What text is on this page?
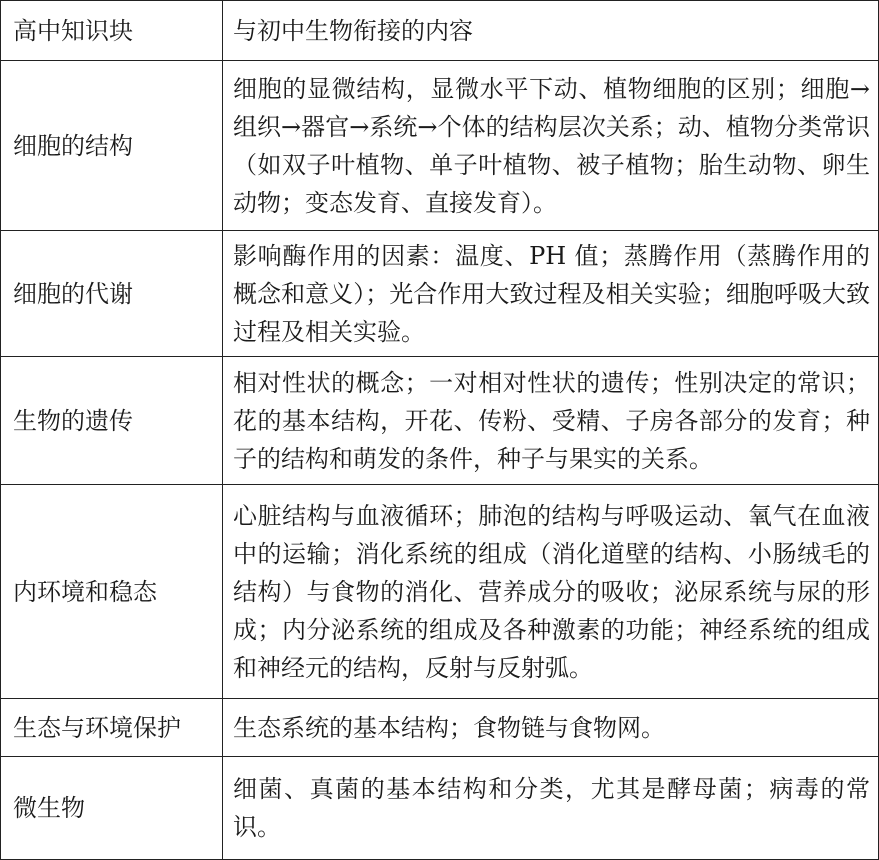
高中知识块	与初中生物衔接的内容
细胞的结构	细胞的显微结构，显微水平下动、植物细胞的区别；细胞→组织→器官→系统→个体的结构层次关系；动、植物分类常识（如双子叶植物、单子叶植物、被子植物；胎生动物、卵生动物；变态发育、直接发育）。
细胞的代谢	影响酶作用的因素：温度、PH 值；蒸腾作用（蒸腾作用的概念和意义）；光合作用大致过程及相关实验；细胞呼吸大致过程及相关实验。
生物的遗传	相对性状的概念；一对相对性状的遗传；性别决定的常识；花的基本结构，开花、传粉、受精、子房各部分的发育；种子的结构和萌发的条件，种子与果实的关系。
内环境和稳态	心脏结构与血液循环；肺泡的结构与呼吸运动、氧气在血液中的运输；消化系统的组成（消化道壁的结构、小肠绒毛的结构）与食物的消化、营养成分的吸收；泌尿系统与尿的形成；内分泌系统的组成及各种激素的功能；神经系统的组成和神经元的结构，反射与反射弧。
生态与环境保护	生态系统的基本结构；食物链与食物网。
微生物	细菌、真菌的基本结构和分类，尤其是酵母菌；病毒的常识。
